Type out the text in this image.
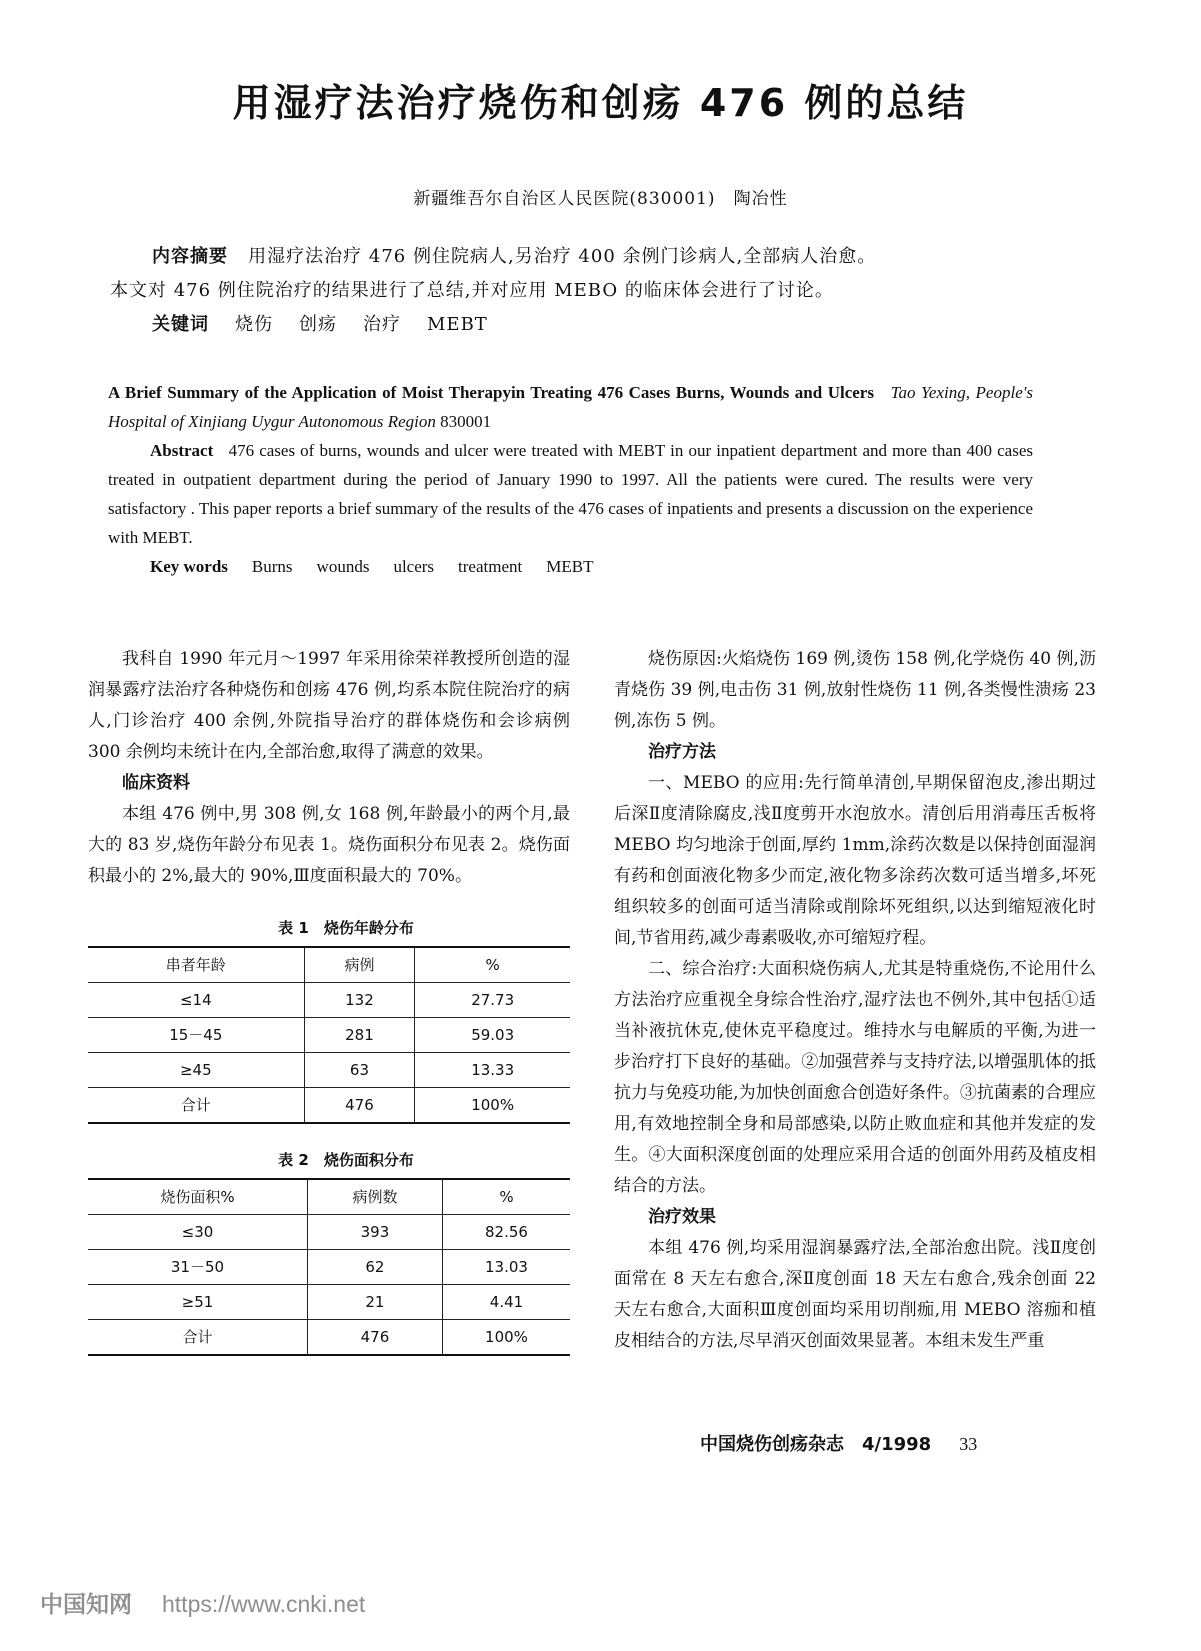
用湿疗法治疗烧伤和创疡 476 例的总结
新疆维吾尔自治区人民医院(830001)　陶冶性

内容摘要 用湿疗法治疗 476 例住院病人,另治疗 400 余例门诊病人,全部病人治愈。

本文对 476 例住院治疗的结果进行了总结,并对应用 MEBO 的临床体会进行了讨论。

关键词 烧伤 创疡 治疗 MEBT

A Brief Summary of the Application of Moist Therapyin Treating 476 Cases Burns, Wounds and Ulcers Tao Yexing, People's Hospital of Xinjiang Uygur Autonomous Region 830001

Abstract 476 cases of burns, wounds and ulcer were treated with MEBT in our inpatient department and more than 400 cases treated in outpatient department during the period of January 1990 to 1997. All the patients were cured. The results were very satisfactory . This paper reports a brief summary of the results of the 476 cases of inpatients and presents a discussion on the experience with MEBT.

Key words Burns wounds ulcers treatment MEBT

我科自 1990 年元月～1997 年采用徐荣祥教授所创造的湿润暴露疗法治疗各种烧伤和创疡 476 例,均系本院住院治疗的病人,门诊治疗 400 余例,外院指导治疗的群体烧伤和会诊病例 300 余例均未统计在内,全部治愈,取得了满意的效果。

临床资料

本组 476 例中,男 308 例,女 168 例,年龄最小的两个月,最大的 83 岁,烧伤年龄分布见表 1。烧伤面积分布见表 2。烧伤面积最小的 2%,最大的 90%,Ⅲ度面积最大的 70%。

表 1　烧伤年龄分布

串者年龄	病例	%
≤14	132	27.73
15－45	281	59.03
≥45	63	13.33
合计	476	100%

表 2　烧伤面积分布

烧伤面积%	病例数	%
≤30	393	82.56
31－50	62	13.03
≥51	21	4.41
合计	476	100%

烧伤原因:火焰烧伤 169 例,烫伤 158 例,化学烧伤 40 例,沥青烧伤 39 例,电击伤 31 例,放射性烧伤 11 例,各类慢性溃疡 23 例,冻伤 5 例。

治疗方法

一、MEBO 的应用:先行简单清创,早期保留泡皮,渗出期过后深Ⅱ度清除腐皮,浅Ⅱ度剪开水泡放水。清创后用消毒压舌板将 MEBO 均匀地涂于创面,厚约 1mm,涂药次数是以保持创面湿润有药和创面液化物多少而定,液化物多涂药次数可适当增多,坏死组织较多的创面可适当清除或削除坏死组织,以达到缩短液化时间,节省用药,减少毒素吸收,亦可缩短疗程。

二、综合治疗:大面积烧伤病人,尤其是特重烧伤,不论用什么方法治疗应重视全身综合性治疗,湿疗法也不例外,其中包括①适当补液抗休克,使休克平稳度过。维持水与电解质的平衡,为进一步治疗打下良好的基础。②加强营养与支持疗法,以增强肌体的抵抗力与免疫功能,为加快创面愈合创造好条件。③抗菌素的合理应用,有效地控制全身和局部感染,以防止败血症和其他并发症的发生。④大面积深度创面的处理应采用合适的创面外用药及植皮相结合的方法。

治疗效果

本组 476 例,均采用湿润暴露疗法,全部治愈出院。浅Ⅱ度创面常在 8 天左右愈合,深Ⅱ度创面 18 天左右愈合,残余创面 22 天左右愈合,大面积Ⅲ度创面均采用切削痂,用 MEBO 溶痂和植皮相结合的方法,尽早消灭创面效果显著。本组未发生严重

中国烧伤创疡杂志　4/1998 33
中国知网 https://www.cnki.net
